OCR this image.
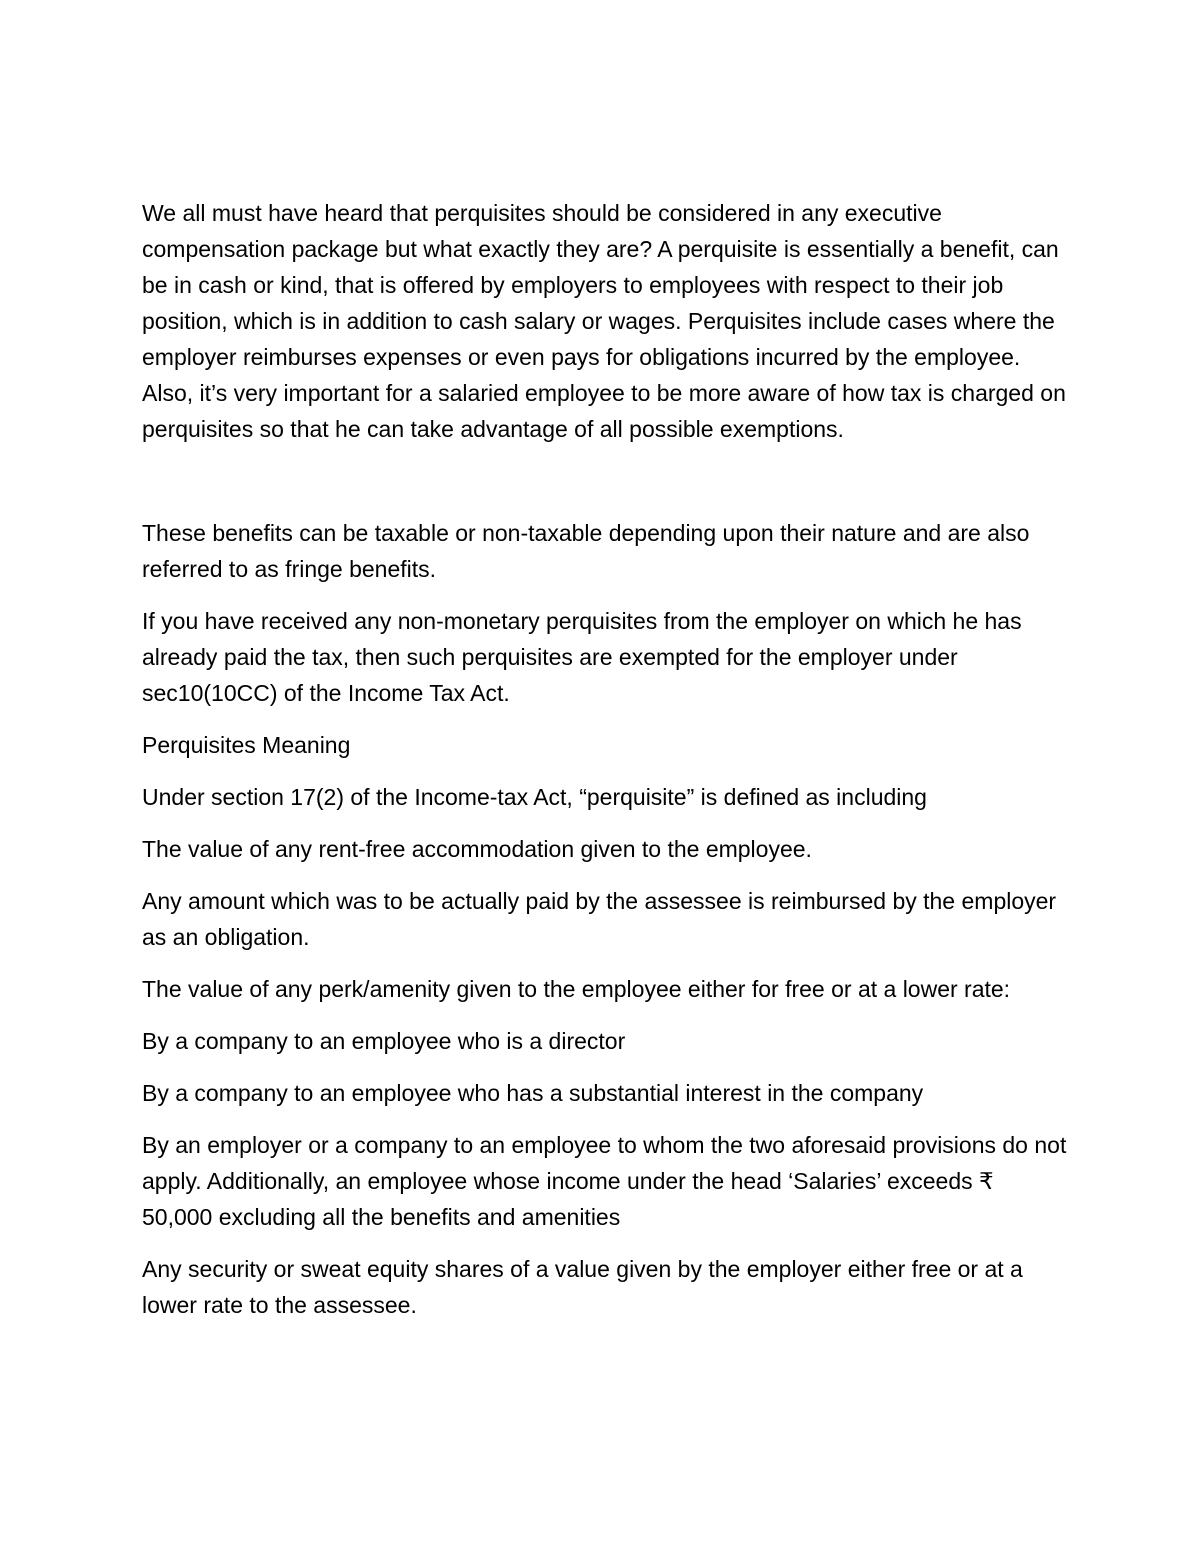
We all must have heard that perquisites should be considered in any executive compensation package but what exactly they are? A perquisite is essentially a benefit, can be in cash or kind, that is offered by employers to employees with respect to their job position, which is in addition to cash salary or wages. Perquisites include cases where the employer reimburses expenses or even pays for obligations incurred by the employee. Also, it’s very important for a salaried employee to be more aware of how tax is charged on perquisites so that he can take advantage of all possible exemptions.

These benefits can be taxable or non-taxable depending upon their nature and are also referred to as fringe benefits.

If you have received any non-monetary perquisites from the employer on which he has already paid the tax, then such perquisites are exempted for the employer under sec10(10CC) of the Income Tax Act.

Perquisites Meaning

Under section 17(2) of the Income-tax Act, “perquisite” is defined as including

The value of any rent-free accommodation given to the employee.

Any amount which was to be actually paid by the assessee is reimbursed by the employer as an obligation.

The value of any perk/amenity given to the employee either for free or at a lower rate:

By a company to an employee who is a director

By a company to an employee who has a substantial interest in the company

By an employer or a company to an employee to whom the two aforesaid provisions do not apply. Additionally, an employee whose income under the head ‘Salaries’ exceeds ₹ 50,000 excluding all the benefits and amenities

Any security or sweat equity shares of a value given by the employer either free or at a lower rate to the assessee.
